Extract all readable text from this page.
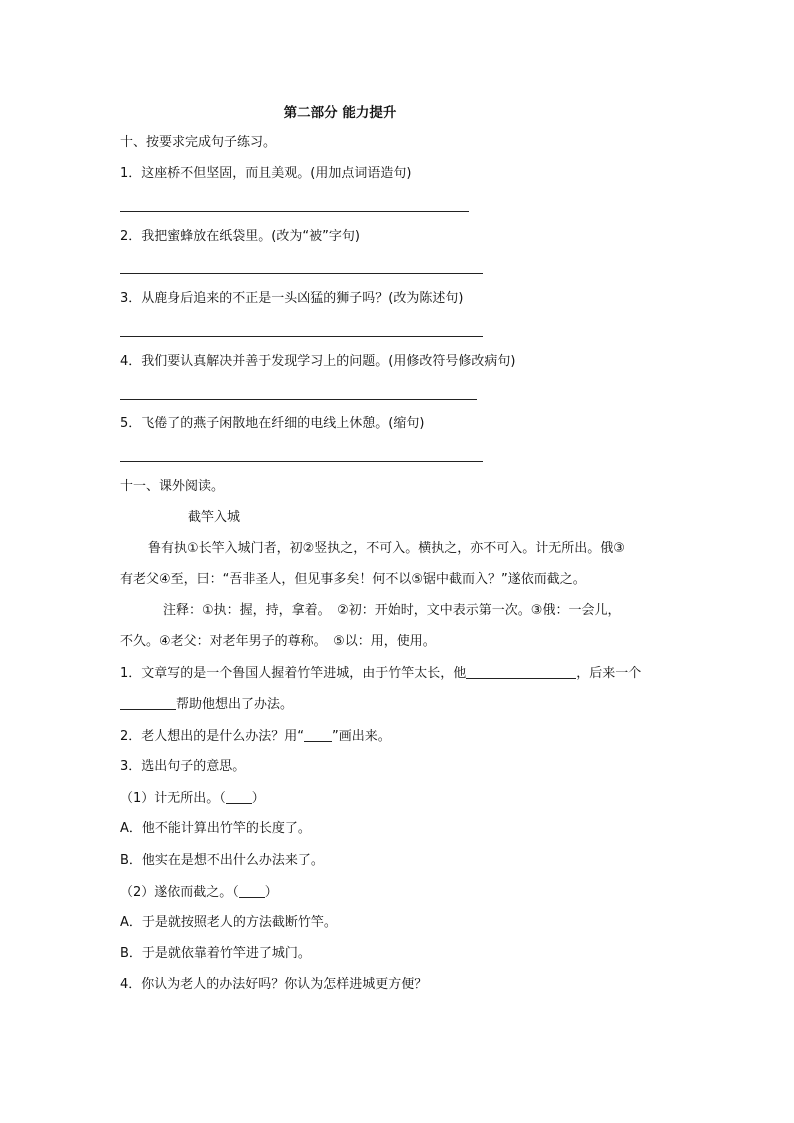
第二部分 能力提升
十、按要求完成句子练习。
1．这座桥不但坚固，而且美观。(用加点词语造句)
2．我把蜜蜂放在纸袋里。(改为“被”字句)
3．从鹿身后追来的不正是一头凶猛的狮子吗？(改为陈述句)
4．我们要认真解决并善于发现学习上的问题。(用修改符号修改病句)
5．飞倦了的燕子闲散地在纤细的电线上休憩。(缩句)
十一、课外阅读。
截竿入城
鲁有执①长竿入城门者，初②竖执之，不可入。横执之，亦不可入。计无所出。俄③
有老父④至，曰：“吾非圣人，但见事多矣！何不以⑤锯中截而入？”遂依而截之。
注释：①执：握，持，拿着。　②初：开始时，文中表示第一次。③俄：一会儿，
不久。④老父：对老年男子的尊称。　⑤以：用，使用。
1．文章写的是一个鲁国人握着竹竿进城，由于竹竿太长，他	，后来一个
帮助他想出了办法。
2．老人想出的是什么办法？用“ ”画出来。
3．选出句子的意思。
（1）计无所出。（ ）
A．他不能计算出竹竿的长度了。
B．他实在是想不出什么办法来了。
（2）遂依而截之。（ ）
A．于是就按照老人的方法截断竹竿。
B．于是就依靠着竹竿进了城门。
4．你认为老人的办法好吗？你认为怎样进城更方便？
